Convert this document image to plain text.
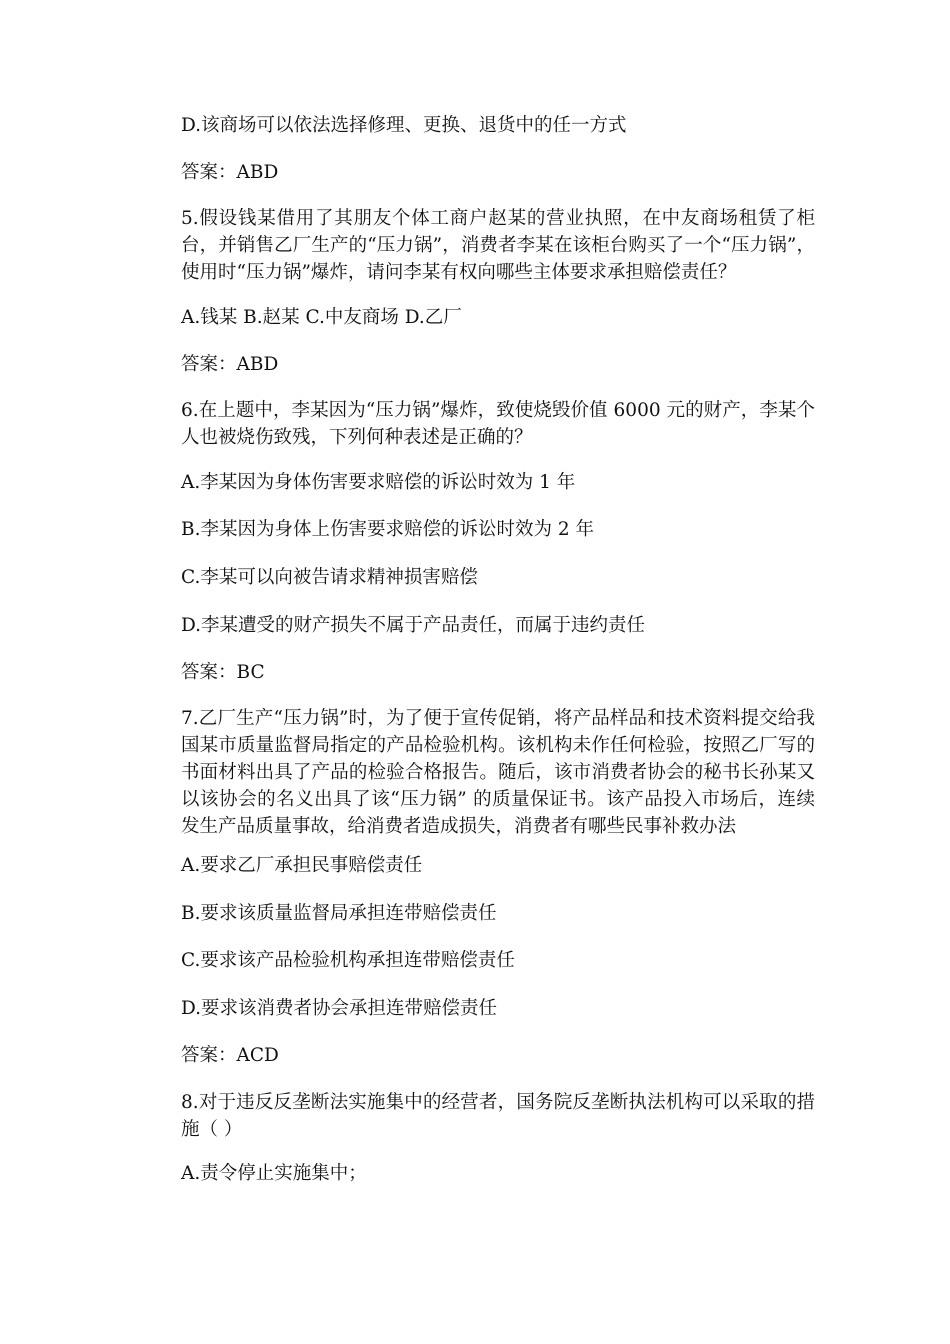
D.该商场可以依法选择修理、更换、退货中的任一方式

答案：ABD

5.假设钱某借用了其朋友个体工商户赵某的营业执照，在中友商场租赁了柜台，并销售乙厂生产的“压力锅”，消费者李某在该柜台购买了一个“压力锅”，使用时“压力锅”爆炸，请问李某有权向哪些主体要求承担赔偿责任？

A.钱某 B.赵某 C.中友商场 D.乙厂

答案：ABD

6.在上题中，李某因为“压力锅”爆炸，致使烧毁价值 6000 元的财产，李某个人也被烧伤致残，下列何种表述是正确的？

A.李某因为身体伤害要求赔偿的诉讼时效为 1 年

B.李某因为身体上伤害要求赔偿的诉讼时效为 2 年

C.李某可以向被告请求精神损害赔偿

D.李某遭受的财产损失不属于产品责任，而属于违约责任

答案：BC

7.乙厂生产“压力锅”时，为了便于宣传促销，将产品样品和技术资料提交给我国某市质量监督局指定的产品检验机构。该机构未作任何检验，按照乙厂写的书面材料出具了产品的检验合格报告。随后，该市消费者协会的秘书长孙某又以该协会的名义出具了该“压力锅” 的质量保证书。该产品投入市场后，连续发生产品质量事故，给消费者造成损失，消费者有哪些民事补救办法

A.要求乙厂承担民事赔偿责任

B.要求该质量监督局承担连带赔偿责任

C.要求该产品检验机构承担连带赔偿责任

D.要求该消费者协会承担连带赔偿责任

答案：ACD

8.对于违反反垄断法实施集中的经营者，国务院反垄断执法机构可以采取的措施（ ）

A.责令停止实施集中；
